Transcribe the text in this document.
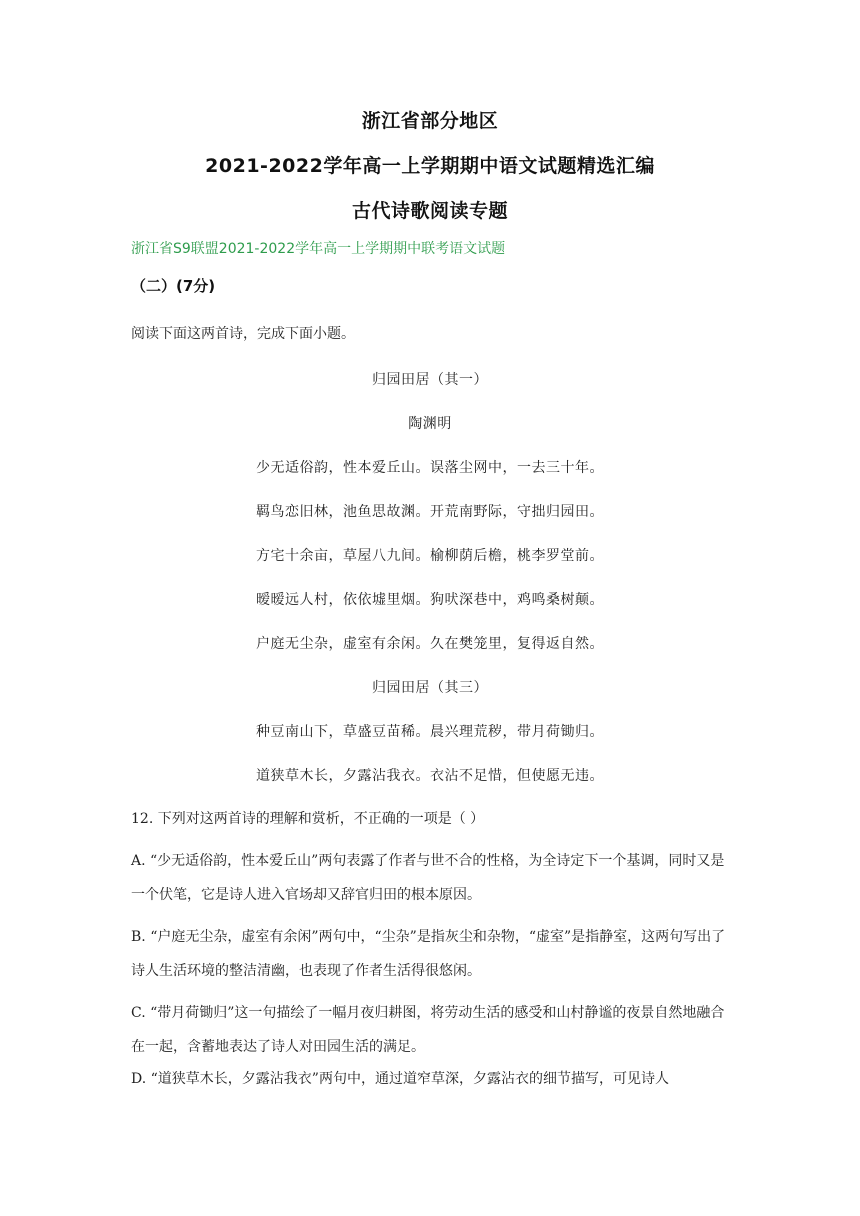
浙江省部分地区
2021-2022学年高一上学期期中语文试题精选汇编
古代诗歌阅读专题
浙江省S9联盟2021-2022学年高一上学期期中联考语文试题
（二）(7分)
阅读下面这两首诗，完成下面小题。
归园田居（其一）
陶渊明
少无适俗韵，性本爱丘山。误落尘网中，一去三十年。
羁鸟恋旧林，池鱼思故渊。开荒南野际，守拙归园田。
方宅十余亩，草屋八九间。榆柳荫后檐，桃李罗堂前。
暧暧远人村，依依墟里烟。狗吠深巷中，鸡鸣桑树颠。
户庭无尘杂，虚室有余闲。久在樊笼里，复得返自然。
归园田居（其三）
种豆南山下，草盛豆苗稀。晨兴理荒秽，带月荷锄归。
道狭草木长，夕露沾我衣。衣沾不足惜，但使愿无违。
12. 下列对这两首诗的理解和赏析，不正确的一项是（ ）
A. “少无适俗韵，性本爱丘山”两句表露了作者与世不合的性格，为全诗定下一个基调，同时又是一个伏笔，它是诗人进入官场却又辞官归田的根本原因。
B. “户庭无尘杂，虚室有余闲”两句中，“尘杂”是指灰尘和杂物，“虚室”是指静室，这两句写出了诗人生活环境的整洁清幽，也表现了作者生活得很悠闲。
C. “带月荷锄归”这一句描绘了一幅月夜归耕图，将劳动生活的感受和山村静谧的夜景自然地融合在一起，含蓄地表达了诗人对田园生活的满足。
D. “道狭草木长，夕露沾我衣”两句中，通过道窄草深，夕露沾衣的细节描写，可见诗人
